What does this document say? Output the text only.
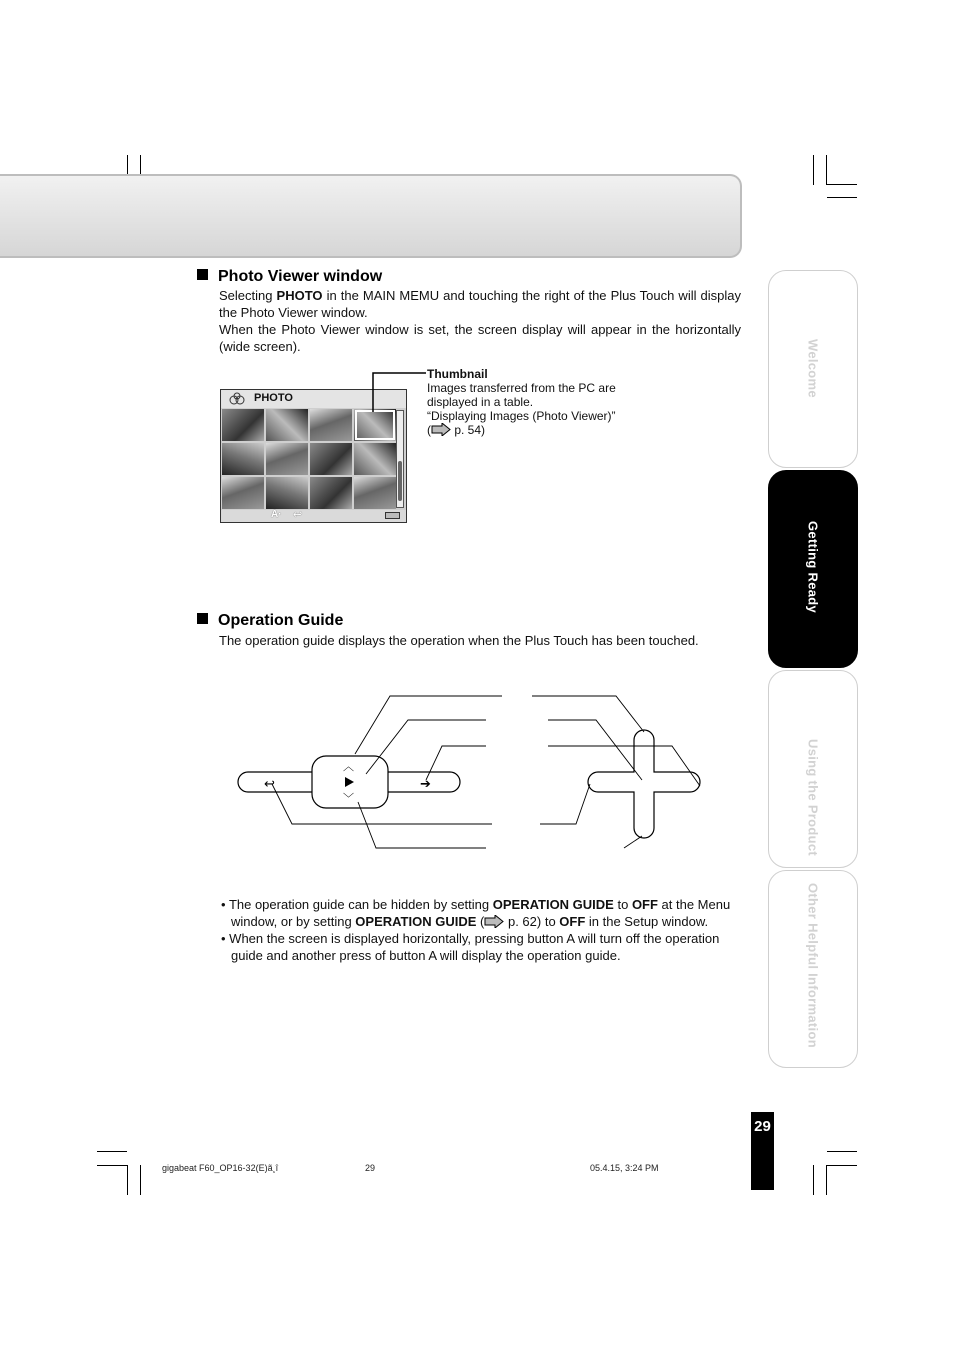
Photo Viewer window

Selecting PHOTO in the MAIN MEMU and touching the right of the Plus Touch will display the Photo Viewer window.

When the Photo Viewer window is set, the screen display will appear in the horizontally (wide screen).

PHOTO
A· ↩
Thumbnail
Images transferred from the PC are
displayed in a table.
“Displaying Images (Photo Viewer)”
( p. 54)
Operation Guide

The operation guide displays the operation when the Plus Touch has been touched.

↩	➔
︿
﹀
• The operation guide can be hidden by setting OPERATION GUIDE to OFF at the Menu window, or by setting OPERATION GUIDE ( p. 62) to OFF in the Setup window.
• When the screen is displayed horizontally, pressing button A will turn off the operation guide and another press of button A will display the operation guide.
Welcome
Getting Ready
Using the Product
Other Helpful Information
29
gigabeat F60_OP16-32(E)ã¸î	29	05.4.15, 3:24 PM
